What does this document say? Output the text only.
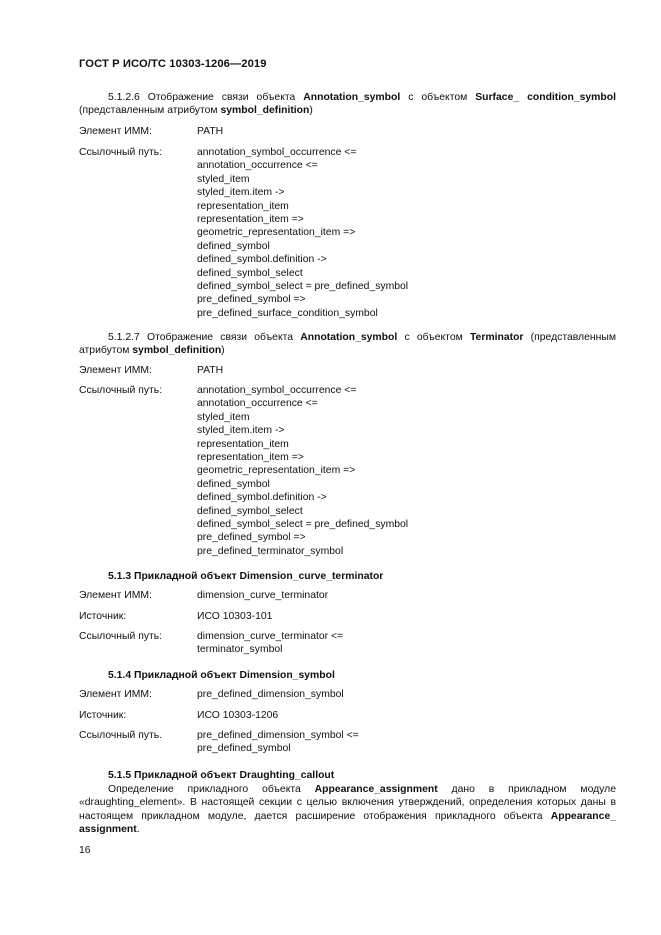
ГОСТ Р ИСО/ТС 10303-1206—2019
5.1.2.6 Отображение связи объекта Annotation_symbol с объектом Surface_ condition_symbol (представленным атрибутом symbol_definition)
Элемент ИММ:	PATH
Ссылочный путь:	annotation_symbol_occurrence <=
annotation_occurrence <=
styled_item
styled_item.item ->
representation_item
representation_item =>
geometric_representation_item =>
defined_symbol
defined_symbol.definition ->
defined_symbol_select
defined_symbol_select = pre_defined_symbol
pre_defined_symbol =>
pre_defined_surface_condition_symbol
5.1.2.7 Отображение связи объекта Annotation_symbol с объектом Terminator (представленным атрибутом symbol_definition)
Элемент ИММ:	PATH
Ссылочный путь:	annotation_symbol_occurrence <=
annotation_occurrence <=
styled_item
styled_item.item ->
representation_item
representation_item =>
geometric_representation_item =>
defined_symbol
defined_symbol.definition ->
defined_symbol_select
defined_symbol_select = pre_defined_symbol
pre_defined_symbol =>
pre_defined_terminator_symbol
5.1.3 Прикладной объект Dimension_curve_terminator
Элемент ИММ:	dimension_curve_terminator
Источник:	ИСО 10303-101
Ссылочный путь:	dimension_curve_terminator <=
terminator_symbol
5.1.4 Прикладной объект Dimension_symbol
Элемент ИММ:	pre_defined_dimension_symbol
Источник:	ИСО 10303-1206
Ссылочный путь.	pre_defined_dimension_symbol <=
pre_defined_symbol
5.1.5 Прикладной объект Draughting_callout
Определение прикладного объекта Appearance_assignment дано в прикладном модуле «draughting_element». В настоящей секции с целью включения утверждений, определения которых даны в настоящем прикладном модуле, дается расширение отображения прикладного объекта Appearance_ assignment.
16
